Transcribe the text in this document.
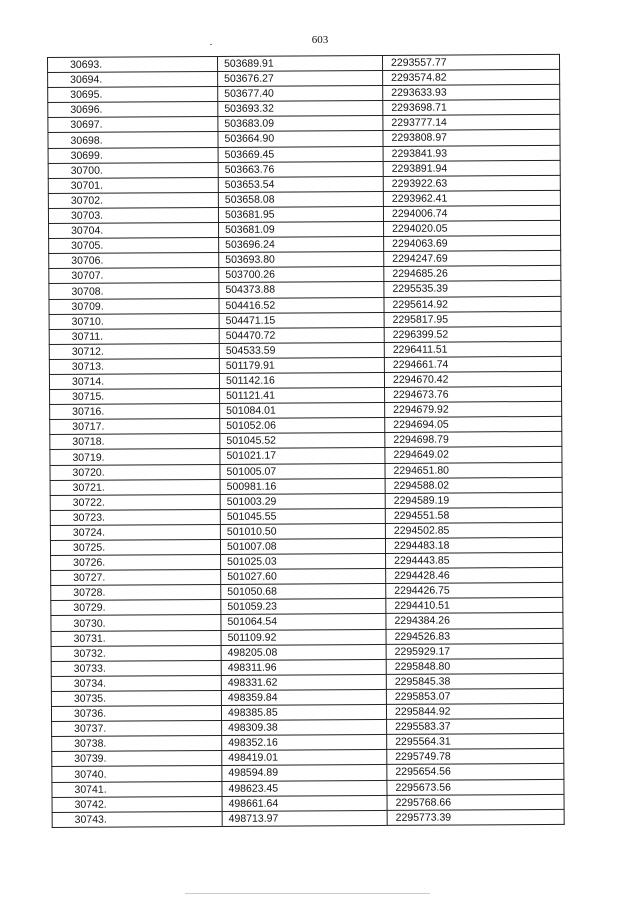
603
30693.	503689.91	2293557.77
30694.	503676.27	2293574.82
30695.	503677.40	2293633.93
30696.	503693.32	2293698.71
30697.	503683.09	2293777.14
30698.	503664.90	2293808.97
30699.	503669.45	2293841.93
30700.	503663.76	2293891.94
30701.	503653.54	2293922.63
30702.	503658.08	2293962.41
30703.	503681.95	2294006.74
30704.	503681.09	2294020.05
30705.	503696.24	2294063.69
30706.	503693.80	2294247.69
30707.	503700.26	2294685.26
30708.	504373.88	2295535.39
30709.	504416.52	2295614.92
30710.	504471.15	2295817.95
30711.	504470.72	2296399.52
30712.	504533.59	2296411.51
30713.	501179.91	2294661.74
30714.	501142.16	2294670.42
30715.	501121.41	2294673.76
30716.	501084.01	2294679.92
30717.	501052.06	2294694.05
30718.	501045.52	2294698.79
30719.	501021.17	2294649.02
30720.	501005.07	2294651.80
30721.	500981.16	2294588.02
30722.	501003.29	2294589.19
30723.	501045.55	2294551.58
30724.	501010.50	2294502.85
30725.	501007.08	2294483.18
30726.	501025.03	2294443.85
30727.	501027.60	2294428.46
30728.	501050.68	2294426.75
30729.	501059.23	2294410.51
30730.	501064.54	2294384.26
30731.	501109.92	2294526.83
30732.	498205.08	2295929.17
30733.	498311.96	2295848.80
30734.	498331.62	2295845.38
30735.	498359.84	2295853.07
30736.	498385.85	2295844.92
30737.	498309.38	2295583.37
30738.	498352.16	2295564.31
30739.	498419.01	2295749.78
30740.	498594.89	2295654.56
30741.	498623.45	2295673.56
30742.	498661.64	2295768.66
30743.	498713.97	2295773.39
